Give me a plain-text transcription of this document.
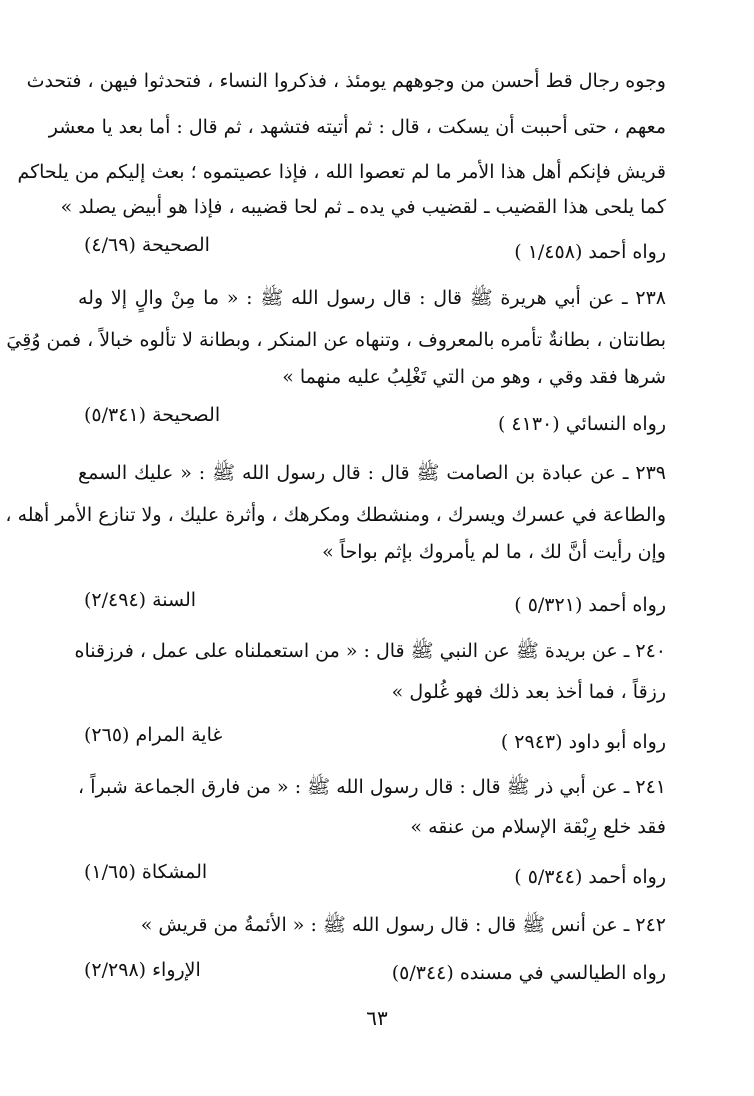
وجوه رجال قط أحسن من وجوههم يومئذ ، فذكروا النساء ، فتحدثوا فيهن ، فتحدث
معهم ، حتى أحببت أن يسكت ، قال : ثم أتيته فتشهد ، ثم قال : أما بعد يا معشر
قريش فإنكم أهل هذا الأمر ما لم تعصوا الله ، فإذا عصيتموه ؛ بعث إليكم من يلحاكم
كما يلحى هذا القضيب ـ لقضيب في يده ـ ثم لحا قضيبه ، فإذا هو أبيض يصلد »
رواه أحمد (١/٤٥٨ )
الصحيحة (٤/٦٩)
٢٣٨ ـ عن أبي هريرة ﷺ قال : قال رسول الله ﷺ : « ما مِنْ والٍ إلا وله
بطانتان ، بطانةٌ تأمره بالمعروف ، وتنهاه عن المنكر ، وبطانة لا تألوه خبالاً ، فمن وُقِيَ
شرها فقد وقي ، وهو من التي تَغْلِبُ عليه منهما »
رواه النسائي (٤١٣٠ )
الصحيحة (٥/٣٤١)
٢٣٩ ـ عن عبادة بن الصامت ﷺ قال : قال رسول الله ﷺ : « عليك السمع
والطاعة في عسرك ويسرك ، ومنشطك ومكرهك ، وأثرة عليك ، ولا تنازع الأمر أهله ،
وإن رأيت أنَّ لك ، ما لم يأمروك بإثم بواحاً »
رواه أحمد (٥/٣٢١ )
السنة (٢/٤٩٤)
٢٤٠ ـ عن بريدة ﷺ عن النبي ﷺ قال : « من استعملناه على عمل ، فرزقناه
رزقاً ، فما أخذ بعد ذلك فهو غُلول »
رواه أبو داود (٢٩٤٣ )
غاية المرام (٢٦٥)
٢٤١ ـ عن أبي ذر ﷺ قال : قال رسول الله ﷺ : « من فارق الجماعة شبراً ،
فقد خلع رِبْقة الإسلام من عنقه »
رواه أحمد (٥/٣٤٤ )
المشكاة (١/٦٥)
٢٤٢ ـ عن أنس ﷺ قال : قال رسول الله ﷺ : « الأئمةُ من قريش »
رواه الطيالسي في مسنده (٥/٣٤٤)
الإرواء (٢/٢٩٨)
٦٣
